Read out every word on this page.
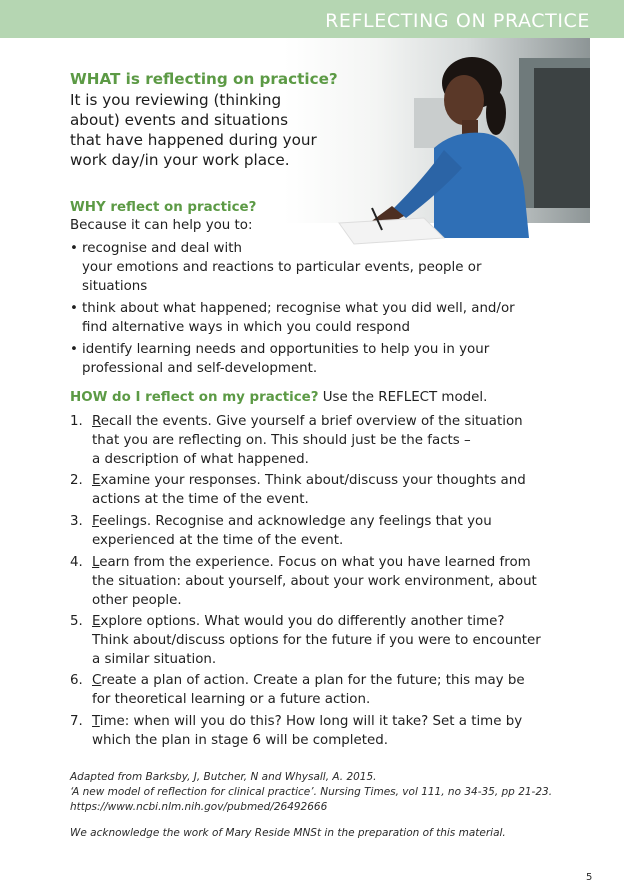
REFLECTING ON PRACTICE
WHAT is reflecting on practice?
It is you reviewing (thinking
about) events and situations
that have happened during your
work day/in your work place.
WHY reflect on practice?
Because it can help you to:
• recognise and deal with
your emotions and reactions to particular events, people or
situations
• think about what happened; recognise what you did well, and/or
find alternative ways in which you could respond
• identify learning needs and opportunities to help you in your
professional and self-development.
HOW do I reflect on my practice? Use the REFLECT model.
1. Recall the events. Give yourself a brief overview of the situation
that you are reflecting on. This should just be the facts –
a description of what happened.
2. Examine your responses. Think about/discuss your thoughts and
actions at the time of the event.
3. Feelings. Recognise and acknowledge any feelings that you
experienced at the time of the event.
4. Learn from the experience. Focus on what you have learned from
the situation: about yourself, about your work environment, about
other people.
5. Explore options. What would you do differently another time?
Think about/discuss options for the future if you were to encounter
a similar situation.
6. Create a plan of action. Create a plan for the future; this may be
for theoretical learning or a future action.
7. Time: when will you do this? How long will it take? Set a time by
which the plan in stage 6 will be completed.
Adapted from Barksby, J, Butcher, N and Whysall, A. 2015.
‘A new model of reflection for clinical practice’. Nursing Times, vol 111, no 34-35, pp 21-23.
https://www.ncbi.nlm.nih.gov/pubmed/26492666
We acknowledge the work of Mary Reside MNSt in the preparation of this material.
5
